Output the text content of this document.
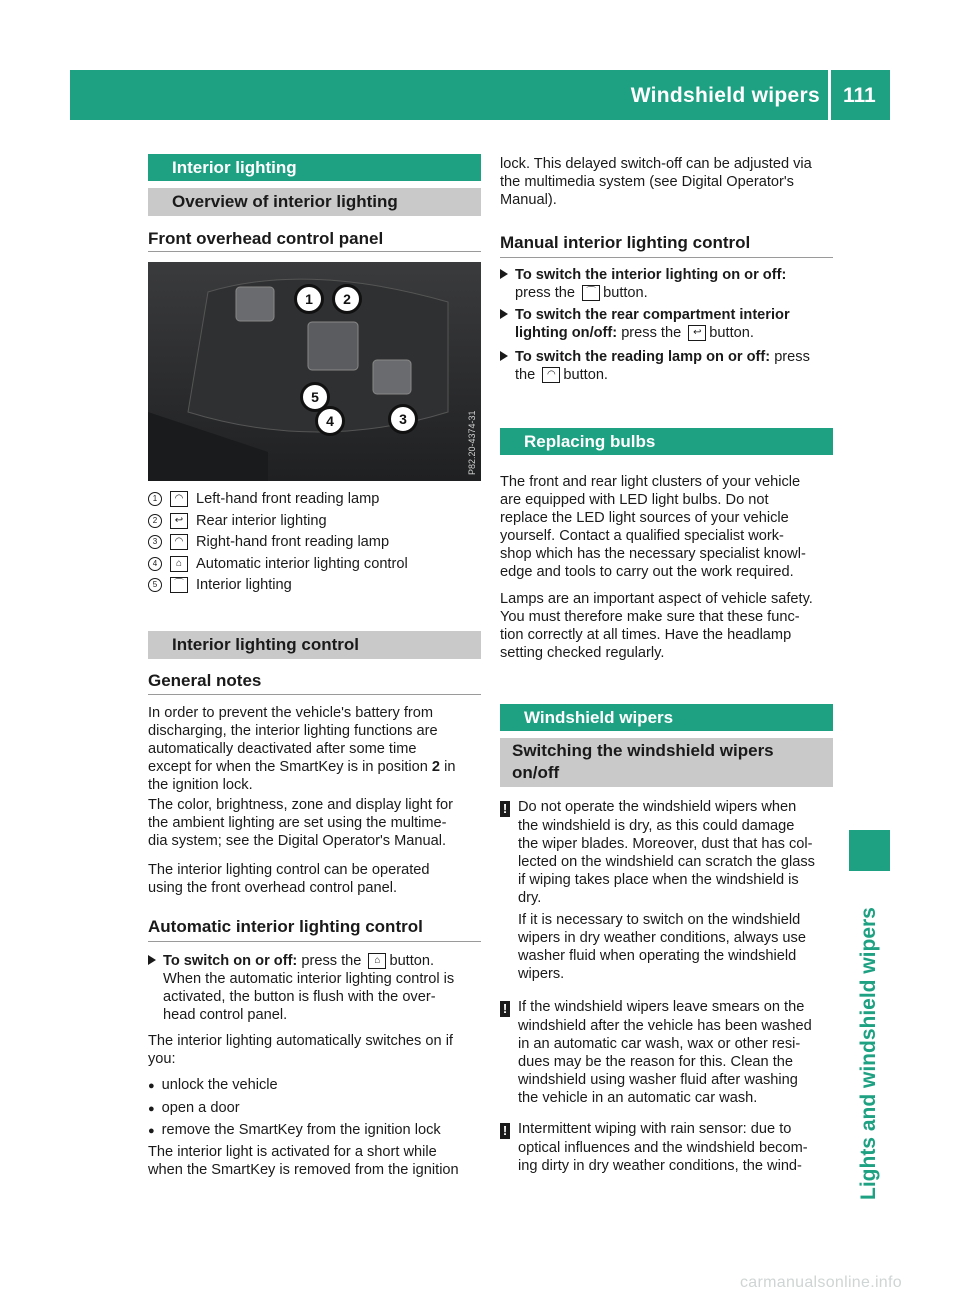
Windshield wipers 111
Lights and windshield wipers
Interior lighting
Overview of interior lighting
Front overhead control panel
1	2
3
4
5
P82.20-4374-31
1 ◠ Left-hand front reading lamp
2 ↩ Rear interior lighting
3 ◠ Right-hand front reading lamp
4 ⌂ Automatic interior lighting control
5 ⌒ Interior lighting
Interior lighting control
General notes
In order to prevent the vehicle's battery from
discharging, the interior lighting functions are
automatically deactivated after some time
except for when the SmartKey is in position 2 in
the ignition lock.
The color, brightness, zone and display light for
the ambient lighting are set using the multime-
dia system; see the Digital Operator's Manual.
The interior lighting control can be operated
using the front overhead control panel.
Automatic interior lighting control
To switch on or off: press the ⌂ button.
When the automatic interior lighting control is
activated, the button is flush with the over-
head control panel.
The interior lighting automatically switches on if
you:
● unlock the vehicle
● open a door
● remove the SmartKey from the ignition lock
The interior light is activated for a short while
when the SmartKey is removed from the ignition
lock. This delayed switch-off can be adjusted via
the multimedia system (see Digital Operator's
Manual).
Manual interior lighting control
To switch the interior lighting on or off:
press the ⌒ button.
To switch the rear compartment interior
lighting on/off: press the ↩ button.
To switch the reading lamp on or off: press
the ◠ button.
Replacing bulbs
The front and rear light clusters of your vehicle
are equipped with LED light bulbs. Do not
replace the LED light sources of your vehicle
yourself. Contact a qualified specialist work-
shop which has the necessary specialist knowl-
edge and tools to carry out the work required.
Lamps are an important aspect of vehicle safety.
You must therefore make sure that these func-
tion correctly at all times. Have the headlamp
setting checked regularly.
Windshield wipers
Switching the windshield wipers
on/off
! Do not operate the windshield wipers when
the windshield is dry, as this could damage
the wiper blades. Moreover, dust that has col-
lected on the windshield can scratch the glass
if wiping takes place when the windshield is
dry.
If it is necessary to switch on the windshield
wipers in dry weather conditions, always use
washer fluid when operating the windshield
wipers.
! If the windshield wipers leave smears on the
windshield after the vehicle has been washed
in an automatic car wash, wax or other resi-
dues may be the reason for this. Clean the
windshield using washer fluid after washing
the vehicle in an automatic car wash.
! Intermittent wiping with rain sensor: due to
optical influences and the windshield becom-
ing dirty in dry weather conditions, the wind-
carmanualsonline.info
